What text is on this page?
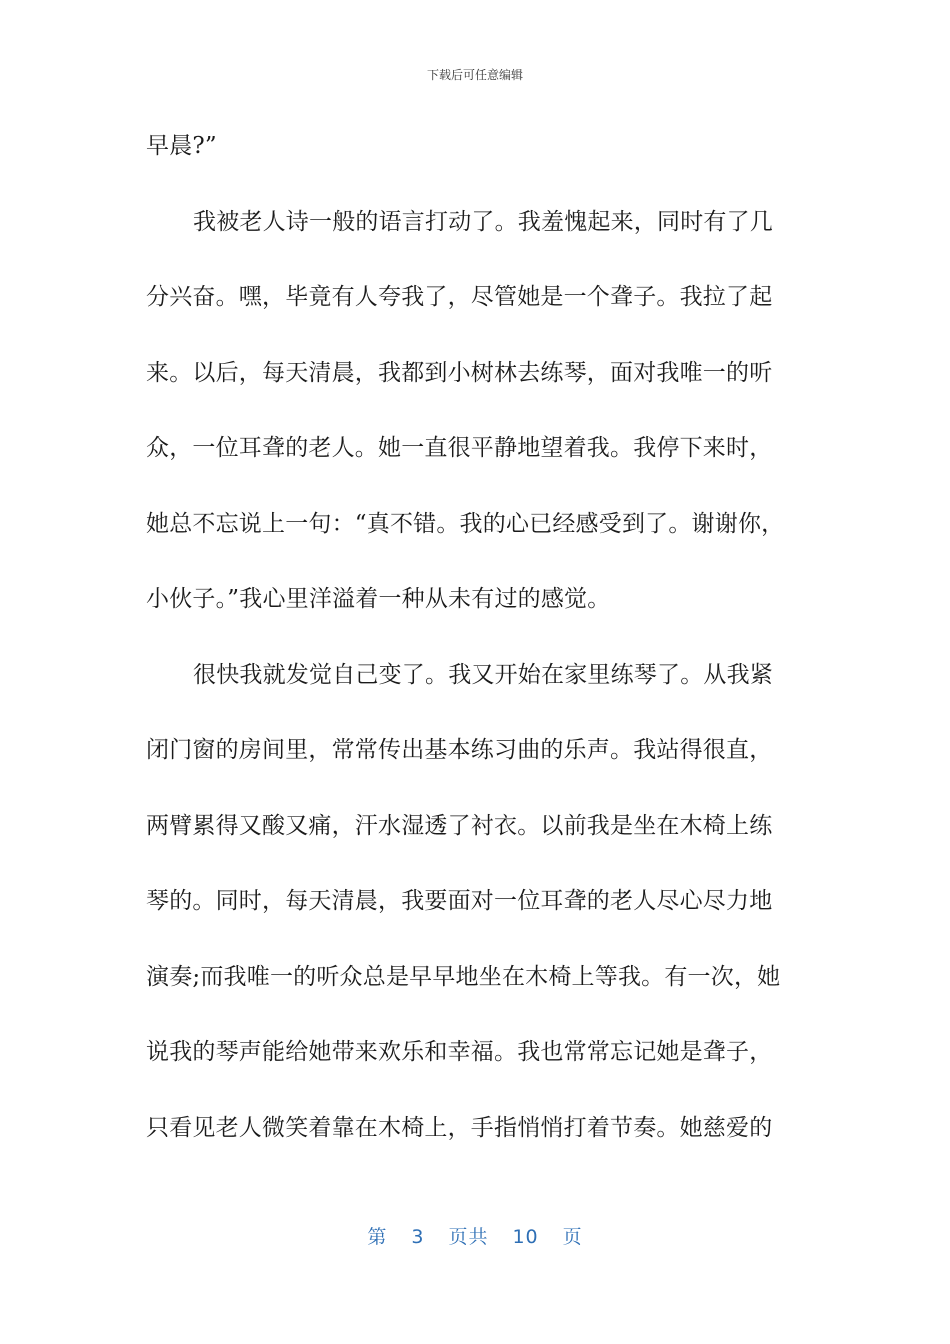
下载后可任意编辑
早晨?”
我被老人诗一般的语言打动了。我羞愧起来，同时有了几
分兴奋。嘿，毕竟有人夸我了，尽管她是一个聋子。我拉了起
来。以后，每天清晨，我都到小树林去练琴，面对我唯一的听
众，一位耳聋的老人。她一直很平静地望着我。我停下来时，
她总不忘说上一句：“真不错。我的心已经感受到了。谢谢你，
小伙子。”我心里洋溢着一种从未有过的感觉。
很快我就发觉自己变了。我又开始在家里练琴了。从我紧
闭门窗的房间里，常常传出基本练习曲的乐声。我站得很直，
两臂累得又酸又痛，汗水湿透了衬衣。以前我是坐在木椅上练
琴的。同时，每天清晨，我要面对一位耳聋的老人尽心尽力地
演奏;而我唯一的听众总是早早地坐在木椅上等我。有一次，她
说我的琴声能给她带来欢乐和幸福。我也常常忘记她是聋子，
只看见老人微笑着靠在木椅上，手指悄悄打着节奏。她慈爱的
第 3 页共 10 页
